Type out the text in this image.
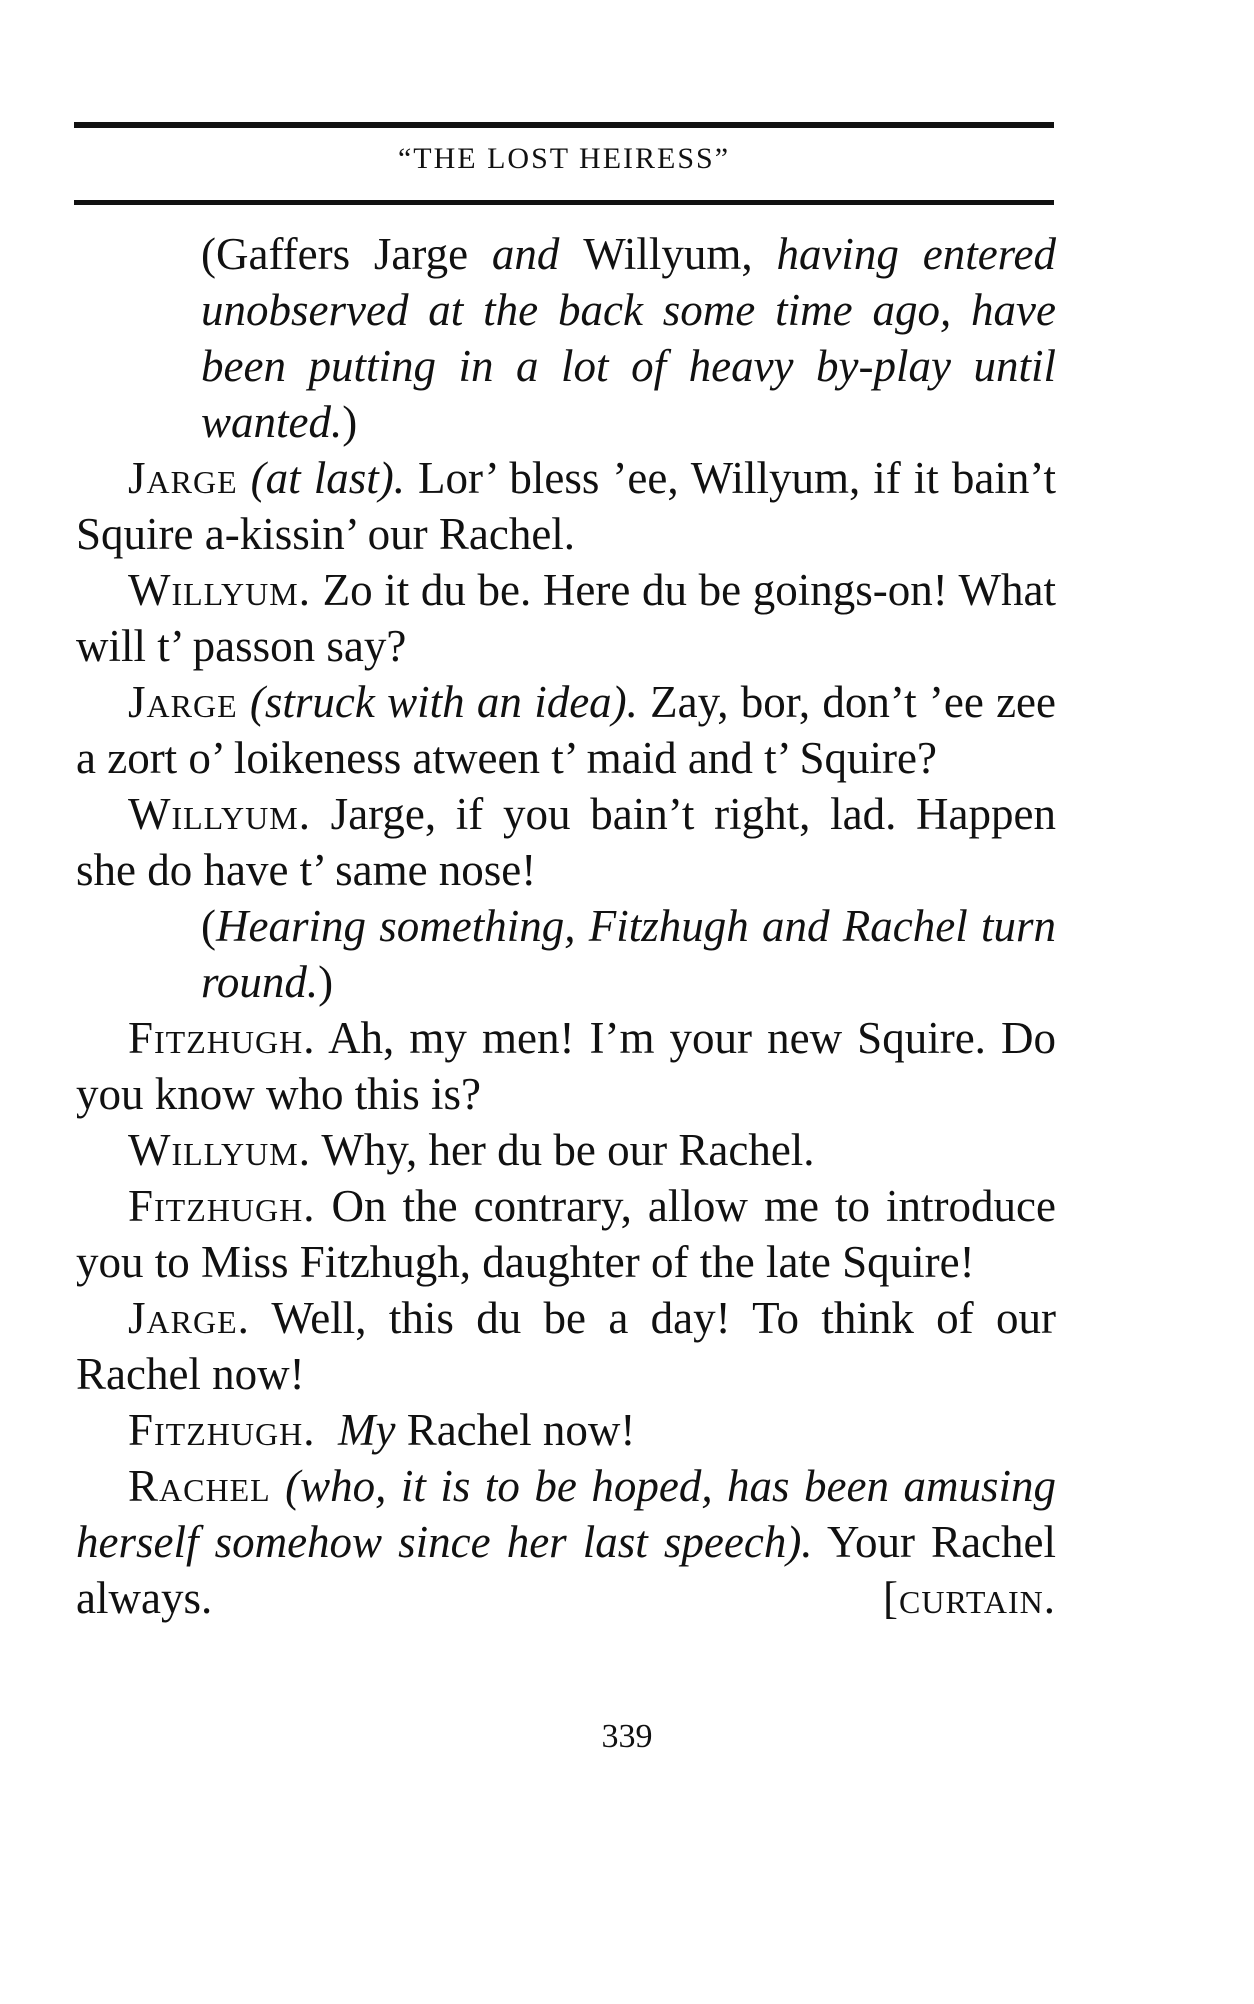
“THE LOST HEIRESS”

(Gaffers Jarge and Willyum, having entered unobserved at the back some time ago, have been putting in a lot of heavy by-play until wanted.)

Jarge (at last). Lor’ bless ’ee, Willyum, if it bain’t Squire a-kissin’ our Rachel.

Willyum. Zo it du be. Here du be goings-on! What will t’ passon say?

Jarge (struck with an idea). Zay, bor, don’t ’ee zee a zort o’ loikeness atween t’ maid and t’ Squire?

Willyum. Jarge, if you bain’t right, lad. Happen she do have t’ same nose!

(Hearing something, Fitzhugh and Rachel turn round.)

Fitzhugh. Ah, my men! I’m your new Squire. Do you know who this is?

Willyum. Why, her du be our Rachel.

Fitzhugh. On the contrary, allow me to introduce you to Miss Fitzhugh, daughter of the late Squire!

Jarge. Well, this du be a day! To think of our Rachel now!

Fitzhugh. My Rachel now!

Rachel (who, it is to be hoped, has been amusing herself somehow since her last speech). Your Rachel always.	[curtain.

339
